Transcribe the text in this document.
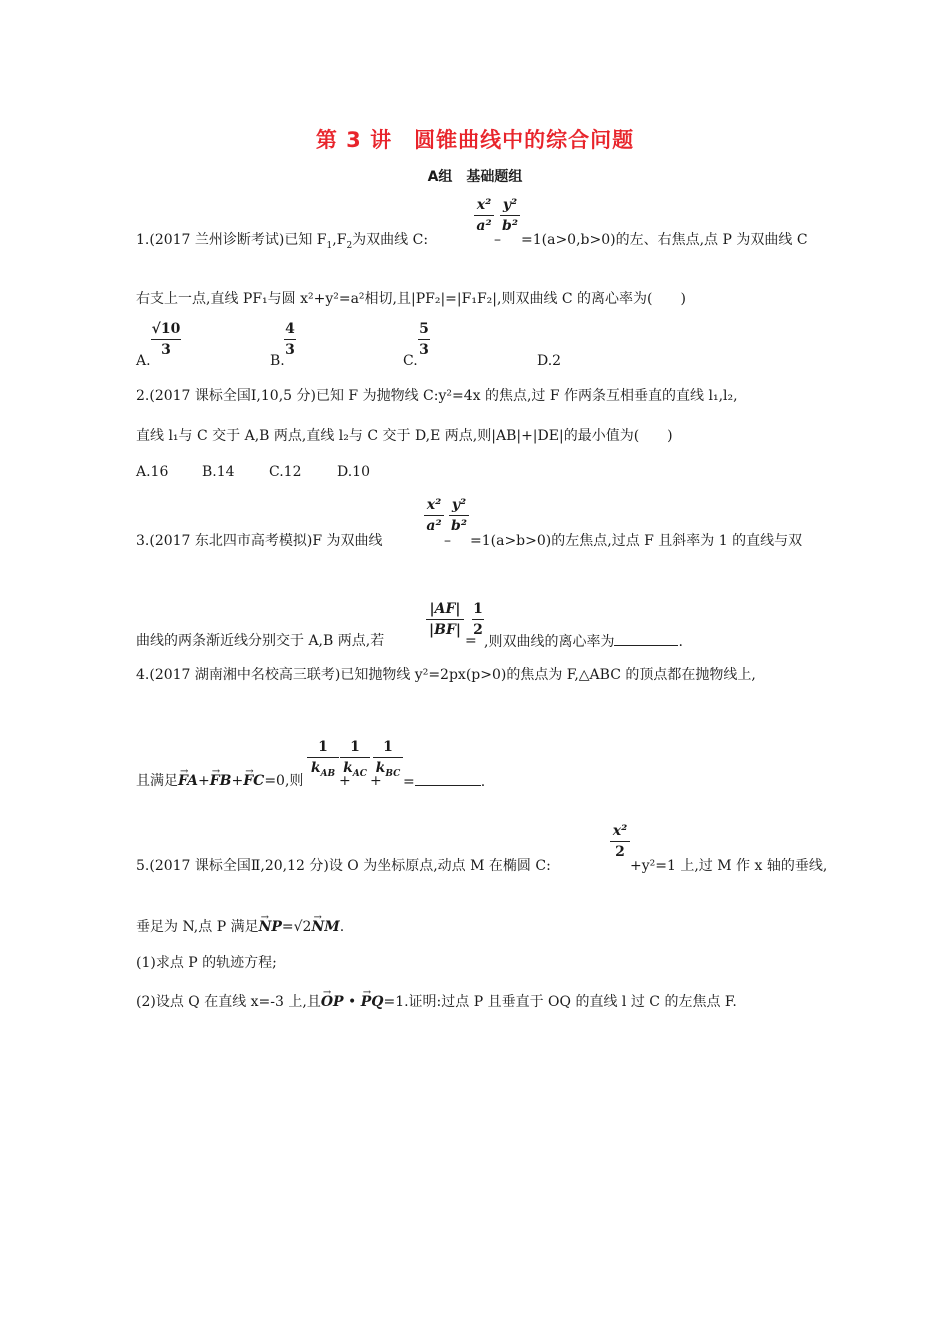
第 3 讲　圆锥曲线中的综合问题
A组　基础题组
1.(2017 兰州诊断考试)已知 $F_1,F_2$为双曲线 C:
x²
a²
–
y²
b²
=1(a>0,b>0)的左、右焦点,点 P 为双曲线 C
右支上一点,直线 PF₁与圆 x²+y²=a²相切,且|PF₂|=|F₁F₂|,则双曲线 C 的离心率为(　　)
A.
√10
3
B.
4
3
C.
5
3
D.2
2.(2017 课标全国Ⅰ,10,5 分)已知 F 为抛物线 C:y²=4x 的焦点,过 F 作两条互相垂直的直线 l₁,l₂,
直线 l₁与 C 交于 A,B 两点,直线 l₂与 C 交于 D,E 两点,则|AB|+|DE|的最小值为(　　)
A.16 B.14 C.12	D.10
3.(2017 东北四市高考模拟)F 为双曲线
x²
a²
–
y²
b²
=1(a>b>0)的左焦点,过点 F 且斜率为 1 的直线与双
曲线的两条渐近线分别交于 A,B 两点,若
|AF|
|BF|
=
1
2
,则双曲线的离心率为	.
4.(2017 湖南湘中名校高三联考)已知抛物线 y²=2px(p>0)的焦点为 F,△ABC 的顶点都在抛物线上,
且满足→ FA+→ FB+→ FC=0,则
1
$k_{AB}$ +
1
$k_{AC}$ +
1
$k_{BC}$
=	.
5.(2017 课标全国Ⅱ,20,12 分)设 O 为坐标原点,动点 M 在椭圆 C:
x²
2
+y²=1 上,过 M 作 x 轴的垂线,
垂足为 N,点 P 满足→ NP=√2→ NM.
(1)求点 P 的轨迹方程;
(2)设点 Q 在直线 x=-3 上,且→ OP • → PQ=1.证明:过点 P 且垂直于 OQ 的直线 l 过 C 的左焦点 F.
